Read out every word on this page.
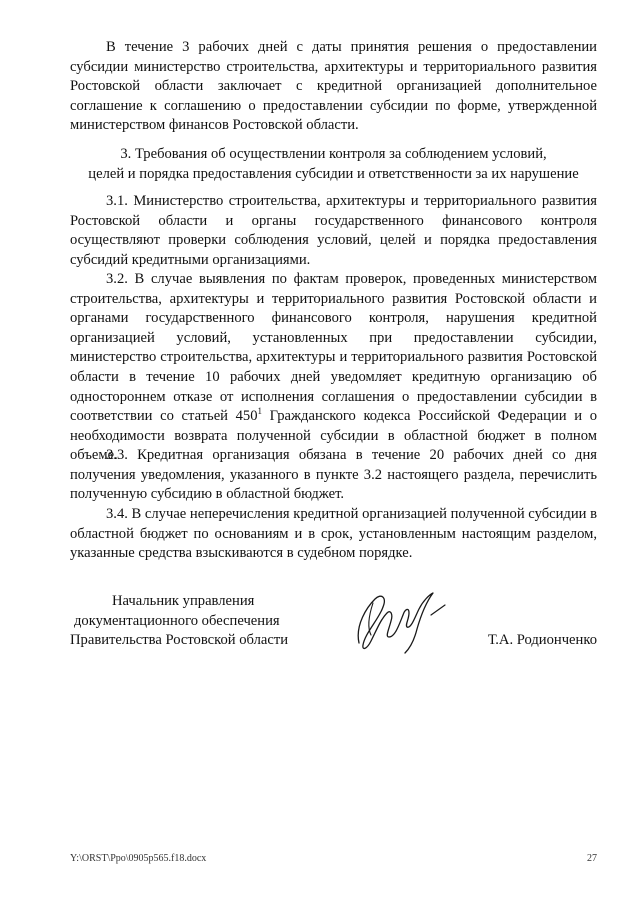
В течение 3 рабочих дней с даты принятия решения о предоставлении субсидии министерство строительства, архитектуры и территориального развития Ростовской области заключает с кредитной организацией дополнительное соглашение к соглашению о предоставлении субсидии по форме, утвержденной министерством финансов Ростовской области.

3. Требования об осуществлении контроля за соблюдением условий,
целей и порядка предоставления субсидии и ответственности за их нарушение

3.1. Министерство строительства, архитектуры и территориального развития Ростовской области и органы государственного финансового контроля осуществляют проверки соблюдения условий, целей и порядка предоставления субсидий кредитными организациями.

3.2. В случае выявления по фактам проверок, проведенных министерством строительства, архитектуры и территориального развития Ростовской области и органами государственного финансового контроля, нарушения кредитной организацией условий, установленных при предоставлении субсидии, министерство строительства, архитектуры и территориального развития Ростовской области в течение 10 рабочих дней уведомляет кредитную организацию об одностороннем отказе от исполнения соглашения о предоставлении субсидии в соответствии со статьей $450^1$ Гражданского кодекса Российской Федерации и о необходимости возврата полученной субсидии в областной бюджет в полном объеме.

3.3. Кредитная организация обязана в течение 20 рабочих дней со дня получения уведомления, указанного в пункте 3.2 настоящего раздела, перечислить полученную субсидию в областной бюджет.

3.4. В случае неперечисления кредитной организацией полученной субсидии в областной бюджет по основаниям и в срок, установленным настоящим разделом, указанные средства взыскиваются в судебном порядке.

Начальник управления
документационного обеспечения
Правительства Ростовской области	Т.А. Родионченко
Y:\ORST\Ppo\0905p565.f18.docx	27
